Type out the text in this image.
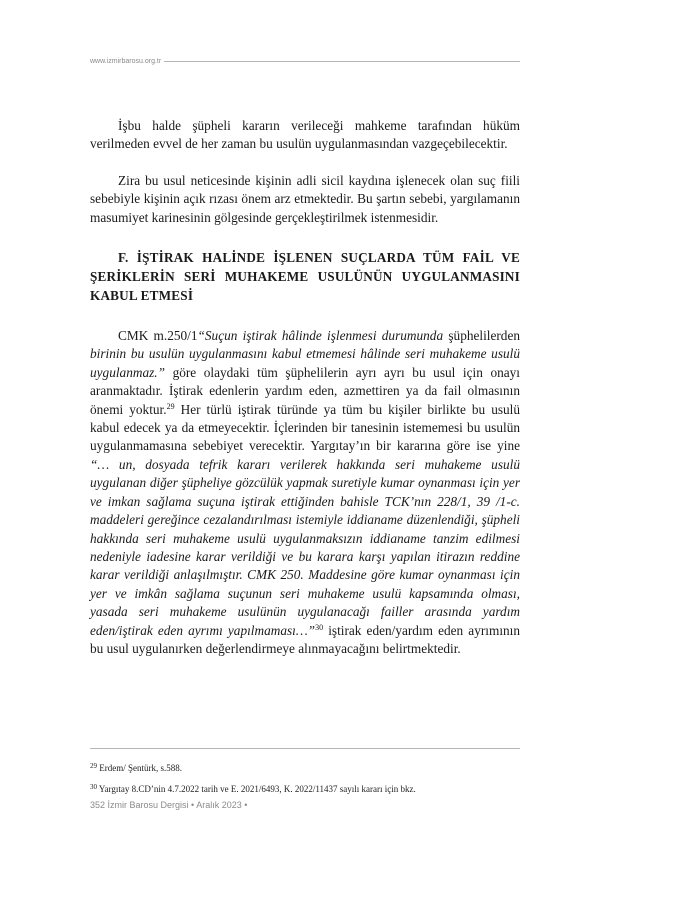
www.izmirbarosu.org.tr

İşbu halde şüpheli kararın verileceği mahkeme tarafından hüküm verilmeden evvel de her zaman bu usulün uygulanmasından vazgeçebilecektir.

Zira bu usul neticesinde kişinin adli sicil kaydına işlenecek olan suç fiili sebebiyle kişinin açık rızası önem arz etmektedir. Bu şartın sebebi, yargılamanın masumiyet karinesinin gölgesinde gerçekleştirilmek istenmesidir.

F. İŞTİRAK HALİNDE İŞLENEN SUÇLARDA TÜM FAİL VE ŞERİKLERİN SERİ MUHAKEME USULÜNÜN UYGULANMASINI KABUL ETMESİ

CMK m.250/1“Suçun iştirak hâlinde işlenmesi durumunda şüphelilerden birinin bu usulün uygulanmasını kabul etmemesi hâlinde seri muhakeme usulü uygulanmaz.” göre olaydaki tüm şüphelilerin ayrı ayrı bu usul için onayı aranmaktadır. İştirak edenlerin yardım eden, azmettiren ya da fail olmasının önemi yoktur.$^{29}$ Her türlü iştirak türünde ya tüm bu kişiler birlikte bu usulü kabul edecek ya da etmeyecektir. İçlerinden bir tanesinin istememesi bu usulün uygulanmamasına sebebiyet verecektir. Yargıtay’ın bir kararına göre ise yine “… un, dosyada tefrik kararı verilerek hakkında seri muhakeme usulü uygulanan diğer şüpheliye gözcülük yapmak suretiyle kumar oynanması için yer ve imkan sağlama suçuna iştirak ettiğinden bahisle TCK’nın 228/1, 39 /1-c. maddeleri gereğince cezalandırılması istemiyle iddianame düzenlendiği, şüpheli hakkında seri muhakeme usulü uygulanmaksızın iddianame tanzim edilmesi nedeniyle iadesine karar verildiği ve bu karara karşı yapılan itirazın reddine karar verildiği anlaşılmıştır. CMK 250. Maddesine göre kumar oynanması için yer ve imkân sağlama suçunun seri muhakeme usulü kapsamında olması, yasada seri muhakeme usulünün uygulanacağı failler arasında yardım eden/iştirak eden ayrımı yapılmaması…”$^{30}$ iştirak eden/yardım eden ayrımının bu usul uygulanırken değerlendirmeye alınmayacağını belirtmektedir.

$^{29}$ Erdem/ Şentürk, s.588.
$^{30}$ Yargıtay 8.CD’nin 4.7.2022 tarih ve E. 2021/6493, K. 2022/11437 sayılı kararı için bkz.
352 İzmir Barosu Dergisi • Aralık 2023 •
